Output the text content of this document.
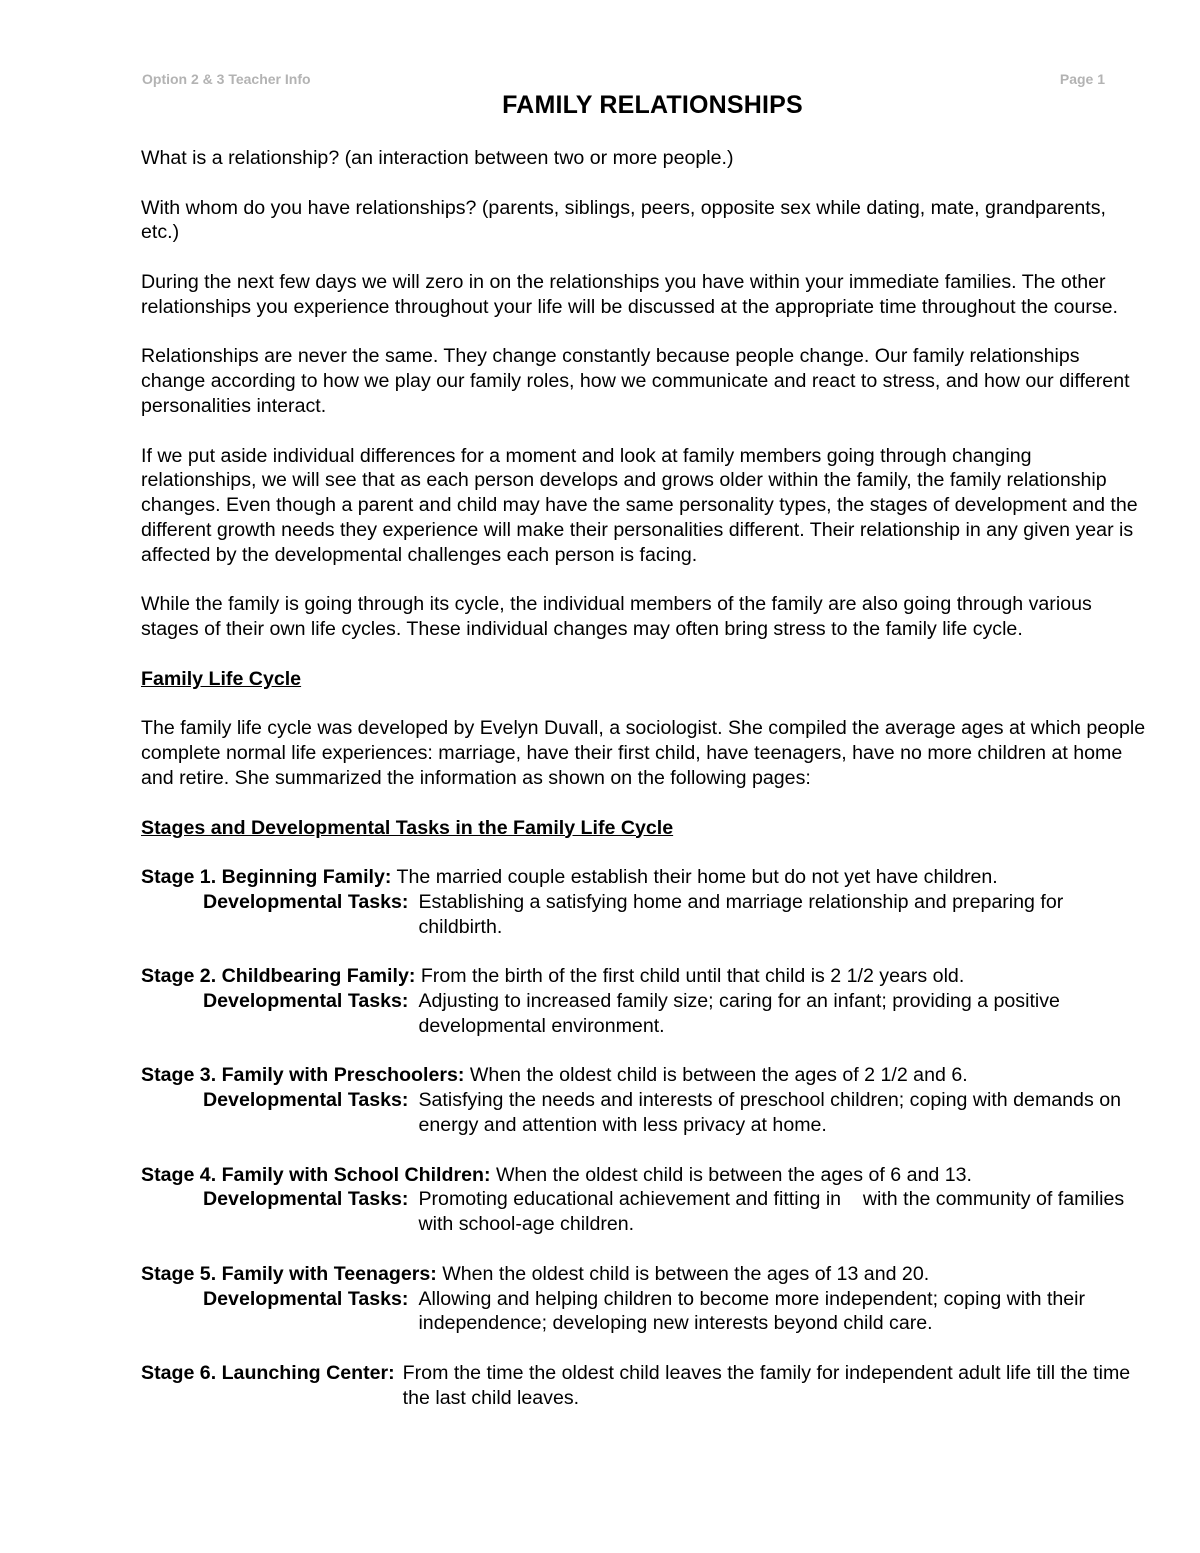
Option 2 & 3 Teacher Info	Page 1
FAMILY RELATIONSHIPS

What is a relationship? (an interaction between two or more people.)

With whom do you have relationships? (parents, siblings, peers, opposite sex while dating, mate, grandparents, etc.)

During the next few days we will zero in on the relationships you have within your immediate families. The other relationships you experience throughout your life will be discussed at the appropriate time throughout the course.

Relationships are never the same. They change constantly because people change. Our family relationships change according to how we play our family roles, how we communicate and react to stress, and how our different personalities interact.

If we put aside individual differences for a moment and look at family members going through changing relationships, we will see that as each person develops and grows older within the family, the family relationship changes. Even though a parent and child may have the same personality types, the stages of development and the different growth needs they experience will make their personalities different. Their relationship in any given year is affected by the developmental challenges each person is facing.

While the family is going through its cycle, the individual members of the family are also going through various stages of their own life cycles. These individual changes may often bring stress to the family life cycle.

Family Life Cycle

The family life cycle was developed by Evelyn Duvall, a sociologist. She compiled the average ages at which people complete normal life experiences: marriage, have their first child, have teenagers, have no more children at home and retire. She summarized the information as shown on the following pages:

Stages and Developmental Tasks in the Family Life Cycle
Stage 1. Beginning Family: The married couple establish their home but do not yet have children.
Developmental Tasks: Establishing a satisfying home and marriage relationship and preparing for childbirth.
Stage 2. Childbearing Family: From the birth of the first child until that child is 2 1/2 years old.
Developmental Tasks: Adjusting to increased family size; caring for an infant; providing a positive developmental environment.
Stage 3. Family with Preschoolers: When the oldest child is between the ages of 2 1/2 and 6.
Developmental Tasks: Satisfying the needs and interests of preschool children; coping with demands on energy and attention with less privacy at home.
Stage 4. Family with School Children: When the oldest child is between the ages of 6 and 13.
Developmental Tasks: Promoting educational achievement and fitting in    with the community of families with school-age children.
Stage 5. Family with Teenagers: When the oldest child is between the ages of 13 and 20.
Developmental Tasks: Allowing and helping children to become more independent; coping with their independence; developing new interests beyond child care.
Stage 6. Launching Center: From the time the oldest child leaves the family for independent adult life till the time the last child leaves.
